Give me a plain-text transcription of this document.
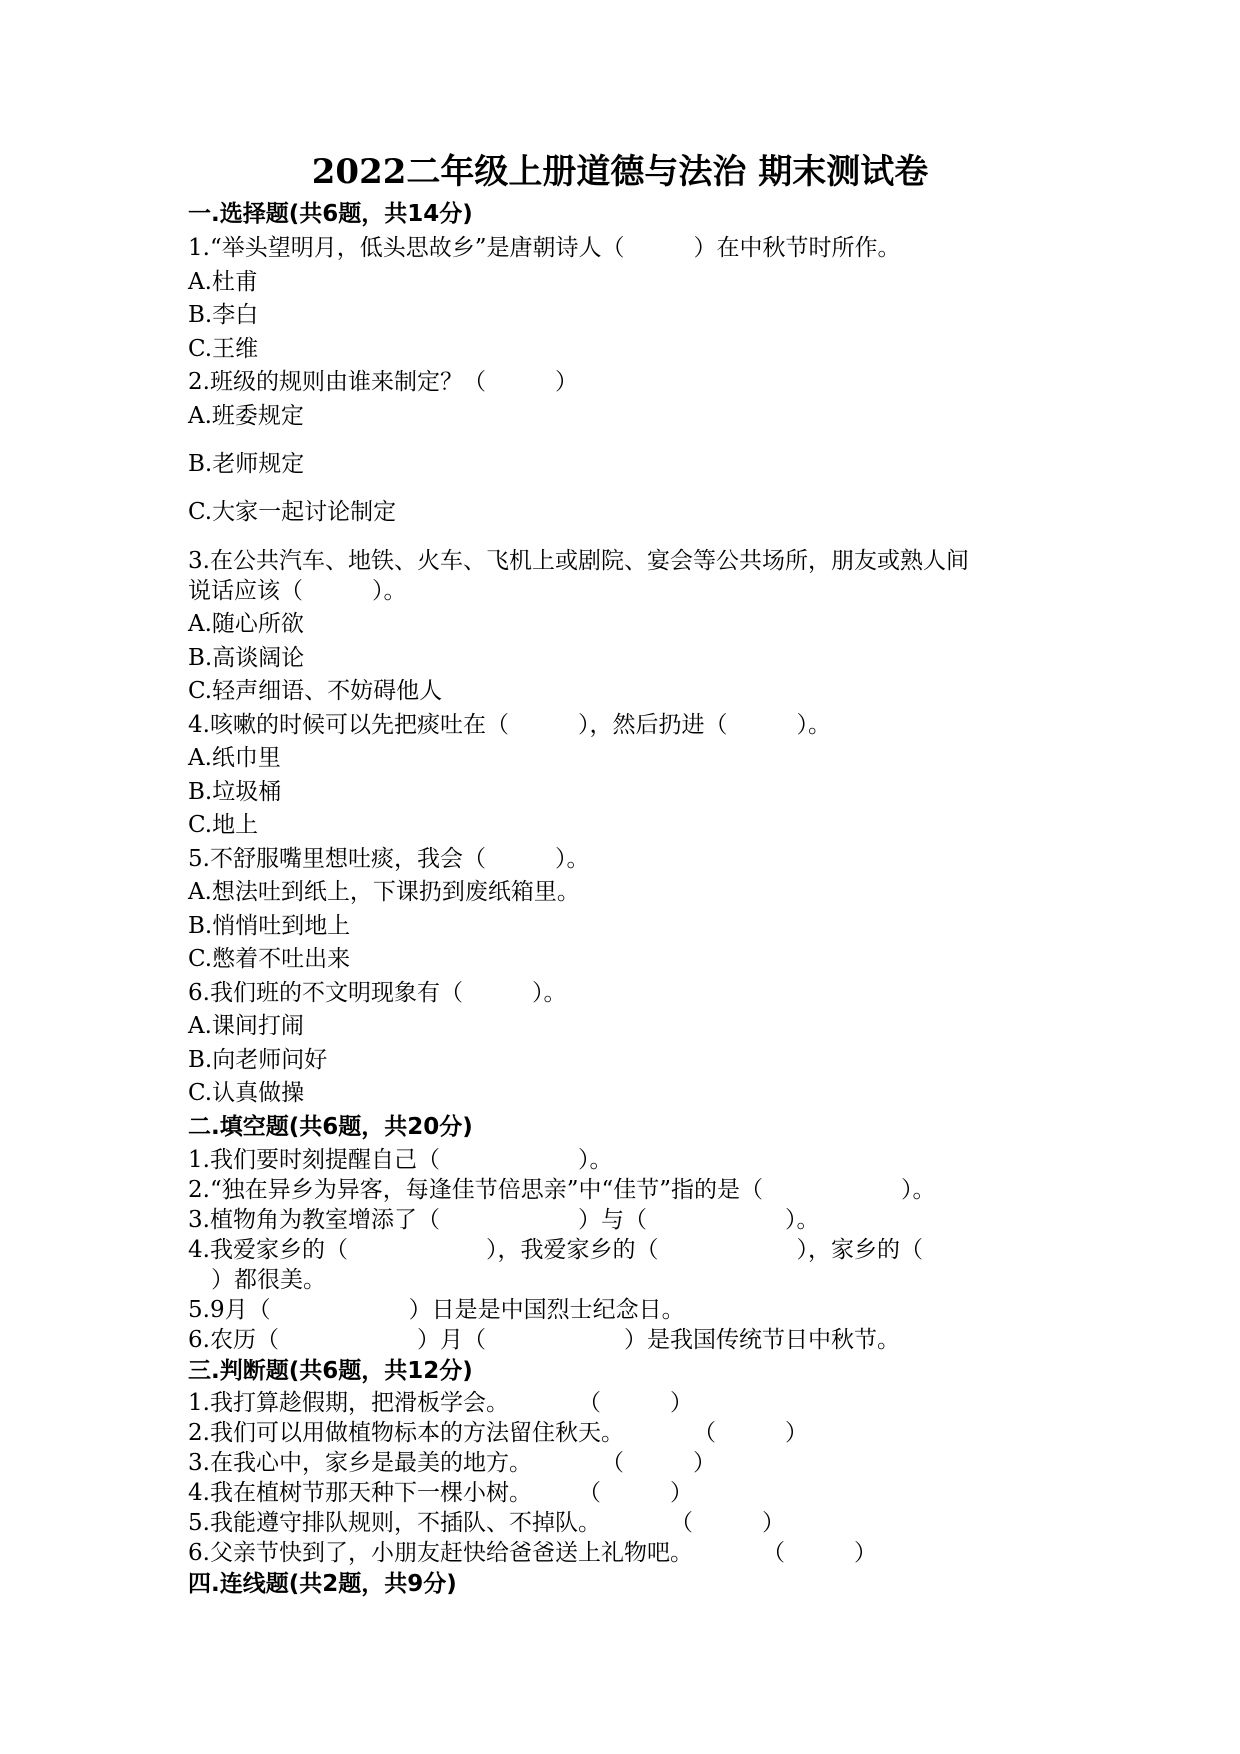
2022二年级上册道德与法治 期末测试卷
一.选择题(共6题，共14分)
1.“举头望明月，低头思故乡”是唐朝诗人（　　　）在中秋节时所作。
A.杜甫
B.李白
C.王维
2.班级的规则由谁来制定？（　　　）
A.班委规定
B.老师规定
C.大家一起讨论制定
3.在公共汽车、地铁、火车、飞机上或剧院、宴会等公共场所，朋友或熟人间
说话应该（　　　）。
A.随心所欲
B.高谈阔论
C.轻声细语、不妨碍他人
4.咳嗽的时候可以先把痰吐在（　　　），然后扔进（　　　）。
A.纸巾里
B.垃圾桶
C.地上
5.不舒服嘴里想吐痰，我会（　　　）。
A.想法吐到纸上，下课扔到废纸箱里。
B.悄悄吐到地上
C.憋着不吐出来
6.我们班的不文明现象有（　　　）。
A.课间打闹
B.向老师问好
C.认真做操
二.填空题(共6题，共20分)
1.我们要时刻提醒自己（　　　　　　）。
2.“独在异乡为异客，每逢佳节倍思亲”中“佳节”指的是（　　　　　　）。
3.植物角为教室增添了（　　　　　　）与（　　　　　　）。
4.我爱家乡的（　　　　　　），我爱家乡的（　　　　　　），家乡的（
　）都很美。
5.9月（　　　　　　）日是是中国烈士纪念日。
6.农历（　　　　　　）月（　　　　　　）是我国传统节日中秋节。
三.判断题(共6题，共12分)
1.我打算趁假期，把滑板学会。　　　　（　　　）
2.我们可以用做植物标本的方法留住秋天。　　　　（　　　）
3.在我心中，家乡是最美的地方。　　　　（　　　）
4.我在植树节那天种下一棵小树。　　　（　　　）
5.我能遵守排队规则，不插队、不掉队。　　　　（　　　）
6.父亲节快到了，小朋友赶快给爸爸送上礼物吧。　　　　（　　　）
四.连线题(共2题，共9分)
